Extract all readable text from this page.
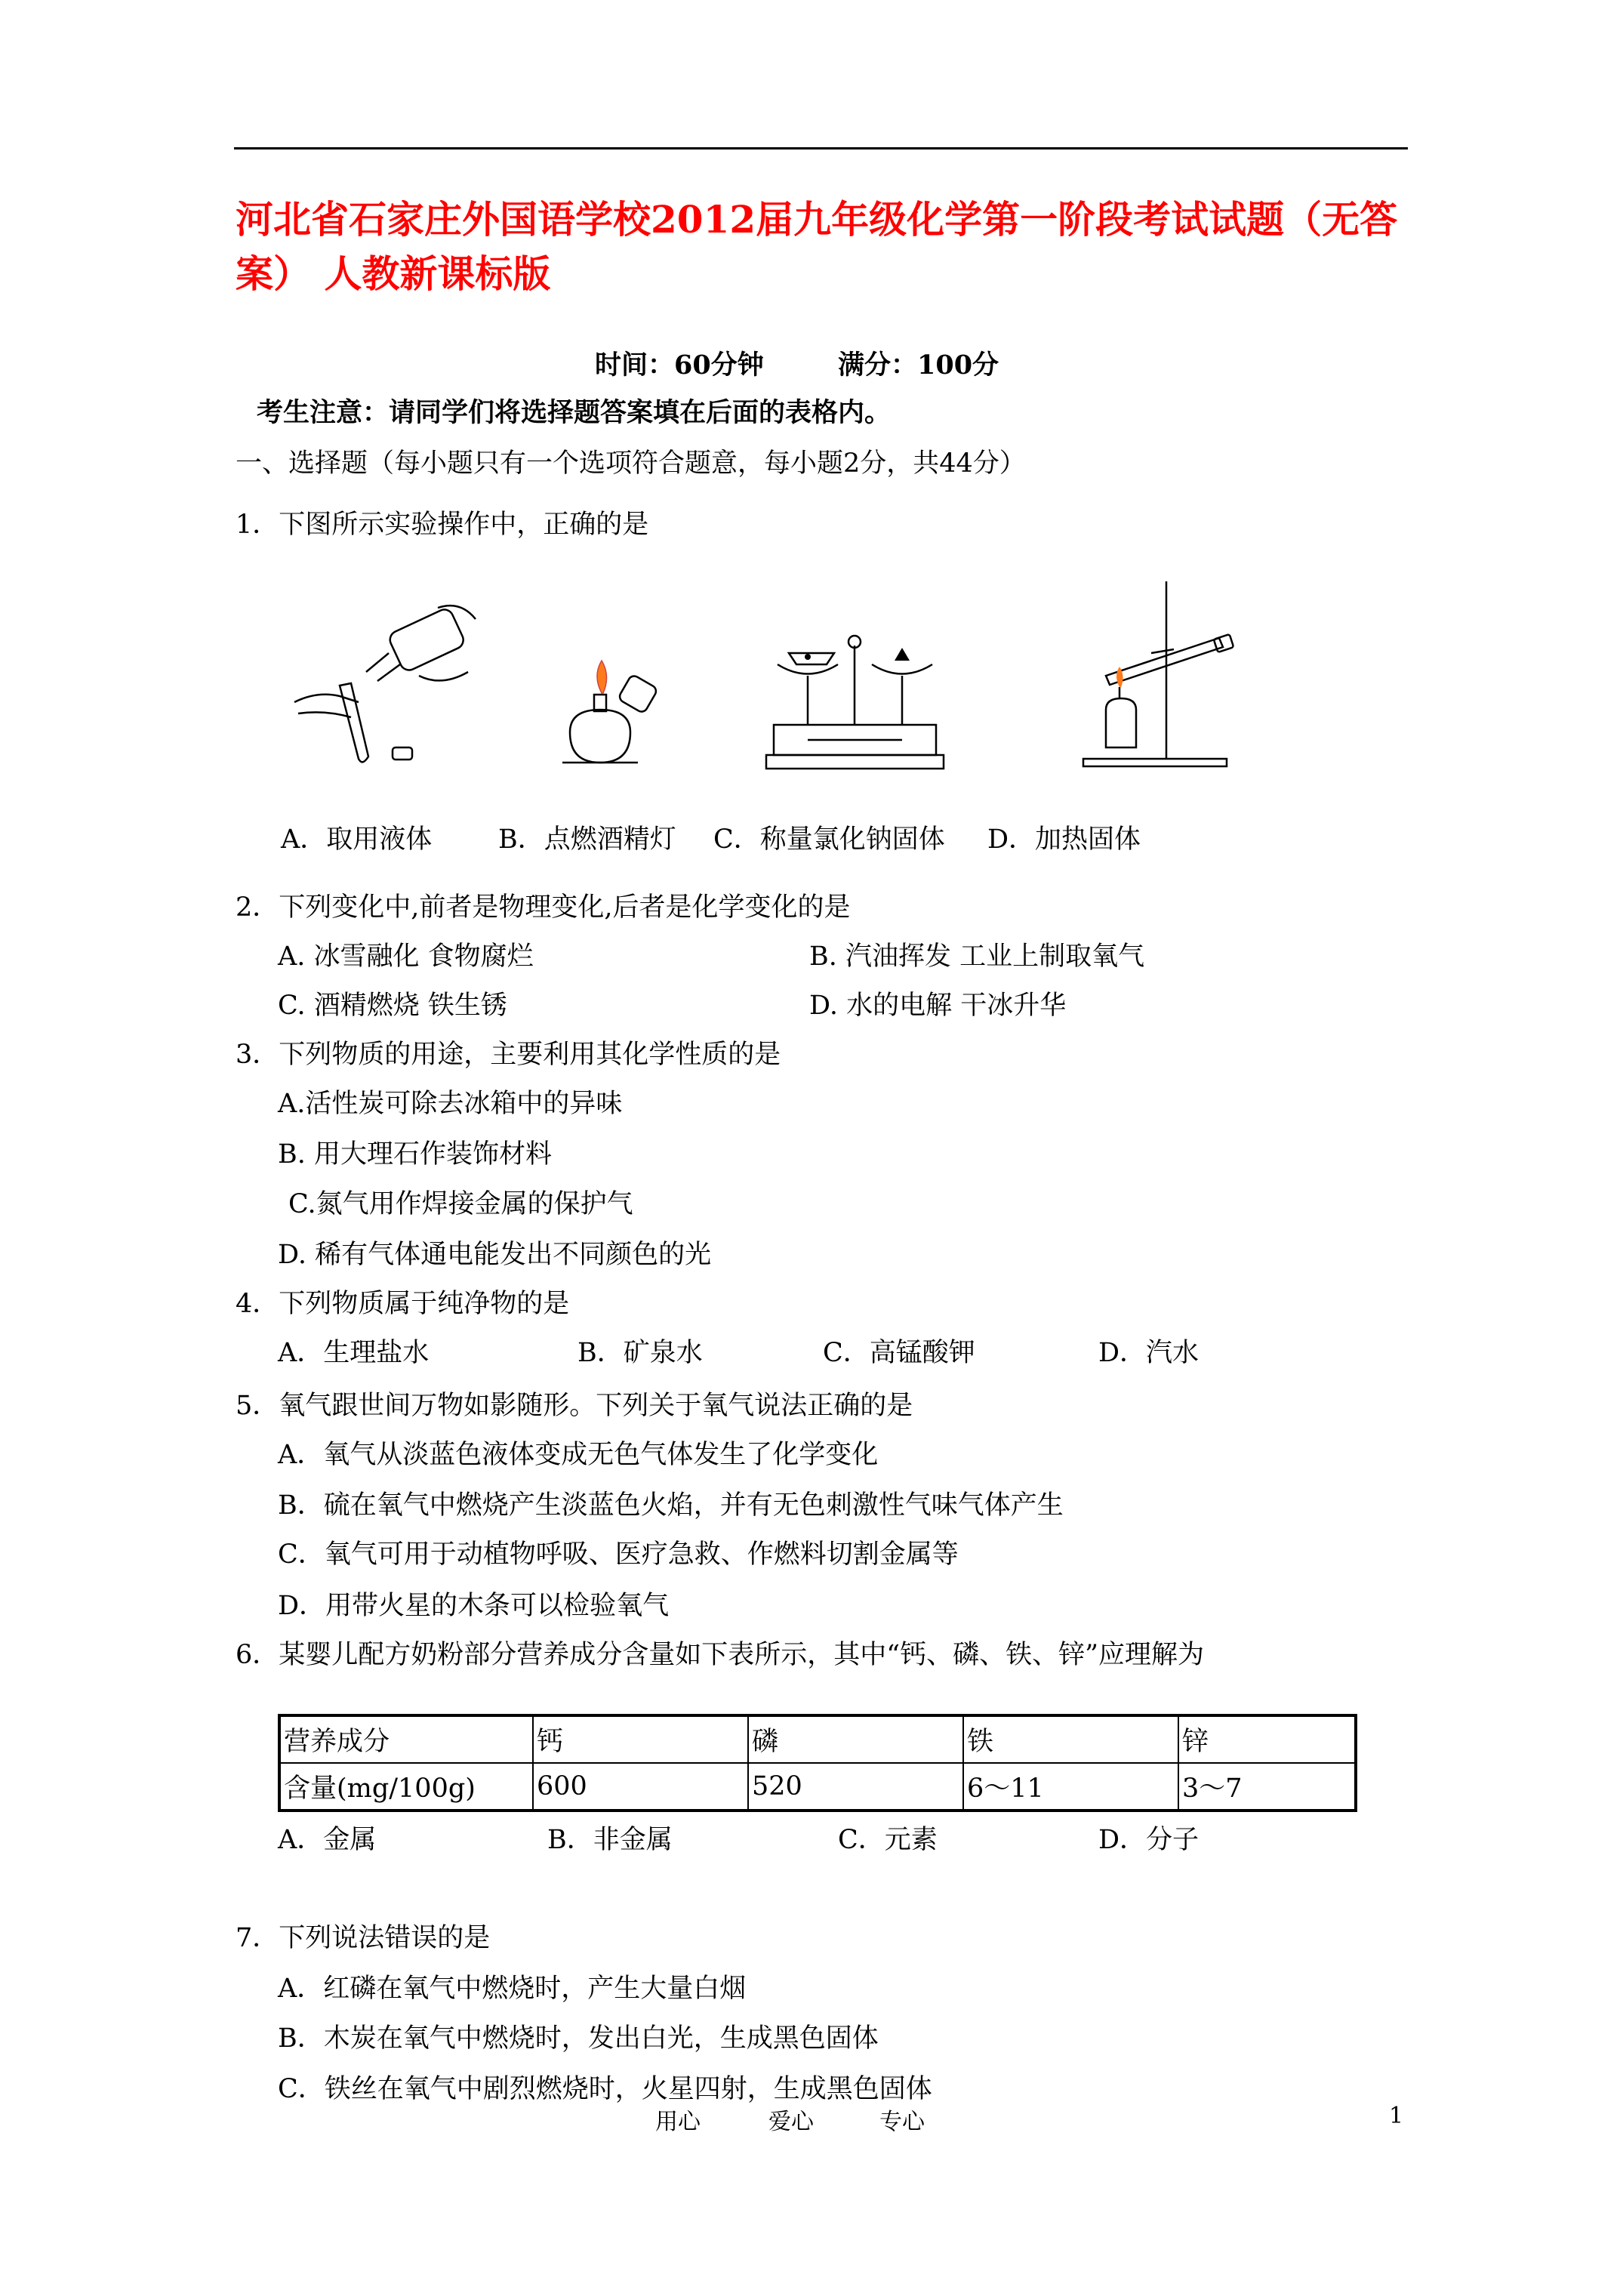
河北省石家庄外国语学校2012届九年级化学第一阶段考试试题（无答案） 人教新课标版
时间：60分钟	满分：100分
考生注意：请同学们将选择题答案填在后面的表格内。
一、选择题（每小题只有一个选项符合题意，每小题2分，共44分）
1．下图所示实验操作中，正确的是
A．取用液体	B．点燃酒精灯 C．称量氯化钠固体 D．加热固体
2．下列变化中,前者是物理变化,后者是化学变化的是
A. 冰雪融化 食物腐烂	B. 汽油挥发 工业上制取氧气
C. 酒精燃烧 铁生锈	D. 水的电解 干冰升华
3．下列物质的用途，主要利用其化学性质的是
A.活性炭可除去冰箱中的异味
B. 用大理石作装饰材料
C.氮气用作焊接金属的保护气
D. 稀有气体通电能发出不同颜色的光
4．下列物质属于纯净物的是
A．生理盐水	B．矿泉水	C．高锰酸钾	D．汽水
5．氧气跟世间万物如影随形。下列关于氧气说法正确的是
A．氧气从淡蓝色液体变成无色气体发生了化学变化
B．硫在氧气中燃烧产生淡蓝色火焰，并有无色刺激性气味气体产生
C．氧气可用于动植物呼吸、医疗急救、作燃料切割金属等
D．用带火星的木条可以检验氧气
6．某婴儿配方奶粉部分营养成分含量如下表所示，其中“钙、磷、铁、锌”应理解为
营养成分	钙	磷	铁	锌
含量(mg/100g)	600	520	6～11	3～7
A．金属	B．非金属	C．元素	D．分子
7．下列说法错误的是
A．红磷在氧气中燃烧时，产生大量白烟
B．木炭在氧气中燃烧时，发出白光，生成黑色固体
C．铁丝在氧气中剧烈燃烧时，火星四射，生成黑色固体
用心	爱心	专心	1
